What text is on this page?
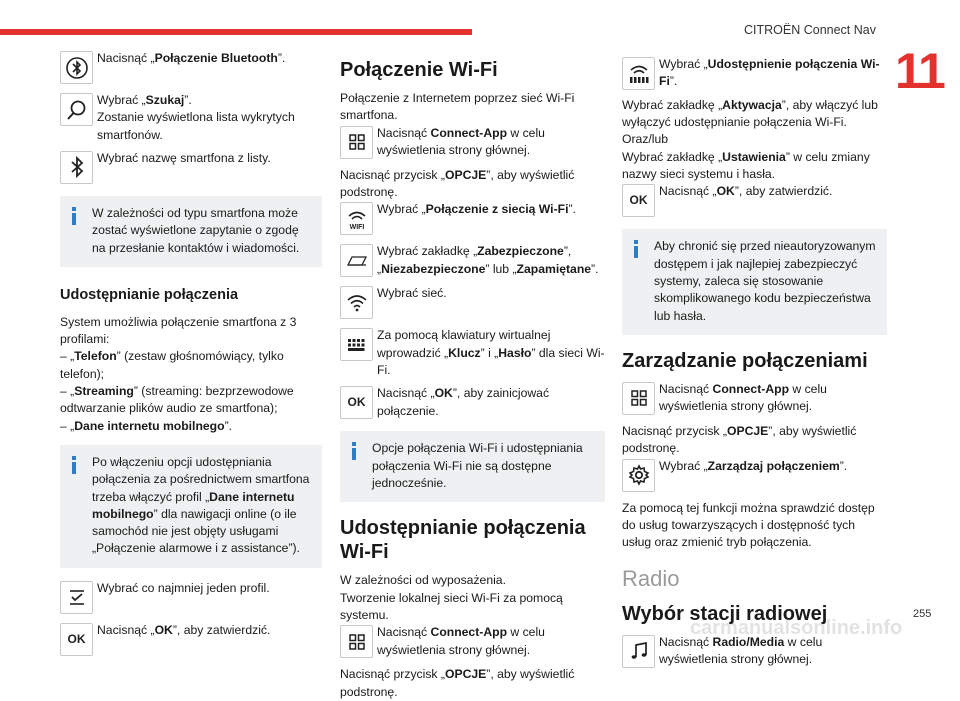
CITROËN Connect Nav
11

Nacisnąć „Połączenie Bluetooth”.

Wybrać „Szukaj”.

Zostanie wyświetlona lista wykrytych smartfonów.

Wybrać nazwę smartfona z listy.

W zależności od typu smartfona może zostać wyświetlone zapytanie o zgodę na przesłanie kontaktów i wiadomości.

Udostępnianie połączenia

System umożliwia połączenie smartfona z 3 profilami:

– „Telefon” (zestaw głośnomówiący, tylko telefon);

– „Streaming” (streaming: bezprzewodowe odtwarzanie plików audio ze smartfona);

– „Dane internetu mobilnego”.

Po włączeniu opcji udostępniania połączenia za pośrednictwem smartfona trzeba włączyć profil „Dane internetu mobilnego” dla nawigacji online (o ile samochód nie jest objęty usługami „Połączenie alarmowe i z assistance”).

Wybrać co najmniej jeden profil.

OK

Nacisnąć „OK”, aby zatwierdzić.

Połączenie Wi-Fi

Połączenie z Internetem poprzez sieć Wi-Fi smartfona.

Nacisnąć Connect-App w celu wyświetlenia strony głównej.

Nacisnąć przycisk „OPCJE”, aby wyświetlić podstronę.

WIFI

Wybrać „Połączenie z siecią Wi-Fi”.

Wybrać zakładkę „Zabezpieczone”, „Niezabezpieczone” lub „Zapamiętane”.

Wybrać sieć.

Za pomocą klawiatury wirtualnej wprowadzić „Klucz” i „Hasło” dla sieci Wi-Fi.

OK

Nacisnąć „OK”, aby zainicjować połączenie.

Opcje połączenia Wi-Fi i udostępniania połączenia Wi-Fi nie są dostępne jednocześnie.

Udostępnianie połączenia Wi-Fi

W zależności od wyposażenia.

Tworzenie lokalnej sieci Wi-Fi za pomocą systemu.

Nacisnąć Connect-App w celu wyświetlenia strony głównej.

Nacisnąć przycisk „OPCJE”, aby wyświetlić podstronę.

Wybrać „Udostępnienie połączenia Wi-Fi”.

Wybrać zakładkę „Aktywacja”, aby włączyć lub wyłączyć udostępnianie połączenia Wi-Fi.

Oraz/lub

Wybrać zakładkę „Ustawienia” w celu zmiany nazwy sieci systemu i hasła.

OK

Nacisnąć „OK”, aby zatwierdzić.

Aby chronić się przed nieautoryzowanym dostępem i jak najlepiej zabezpieczyć systemy, zaleca się stosowanie skomplikowanego kodu bezpieczeństwa lub hasła.

Zarządzanie połączeniami

Nacisnąć Connect-App w celu wyświetlenia strony głównej.

Nacisnąć przycisk „OPCJE”, aby wyświetlić podstronę.

Wybrać „Zarządzaj połączeniem”.

Za pomocą tej funkcji można sprawdzić dostęp do usług towarzyszących i dostępność tych usług oraz zmienić tryb połączenia.

Radio
Wybór stacji radiowej

Nacisnąć Radio/Media w celu wyświetlenia strony głównej.

carmanualsonline.info
255
